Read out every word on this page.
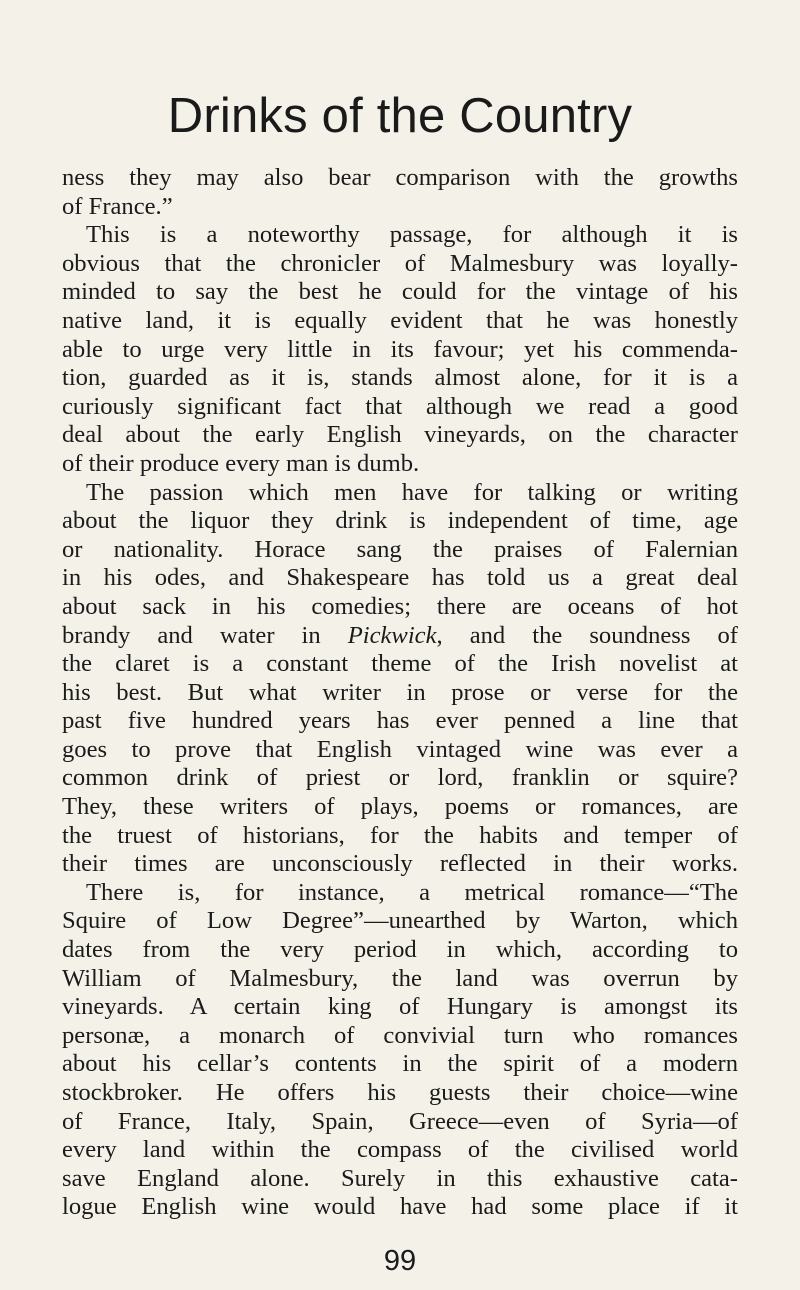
Drinks of the Country
ness they may also bear comparison with the growths
of France.”
This is a noteworthy passage, for although it is
obvious that the chronicler of Malmesbury was loyally-
minded to say the best he could for the vintage of his
native land, it is equally evident that he was honestly
able to urge very little in its favour; yet his commenda-
tion, guarded as it is, stands almost alone, for it is a
curiously significant fact that although we read a good
deal about the early English vineyards, on the character
of their produce every man is dumb.
The passion which men have for talking or writing
about the liquor they drink is independent of time, age
or nationality. Horace sang the praises of Falernian
in his odes, and Shakespeare has told us a great deal
about sack in his comedies; there are oceans of hot
brandy and water in Pickwick, and the soundness of
the claret is a constant theme of the Irish novelist at
his best. But what writer in prose or verse for the
past five hundred years has ever penned a line that
goes to prove that English vintaged wine was ever a
common drink of priest or lord, franklin or squire?
They, these writers of plays, poems or romances, are
the truest of historians, for the habits and temper of
their times are unconsciously reflected in their works.
There is, for instance, a metrical romance—“The
Squire of Low Degree”—unearthed by Warton, which
dates from the very period in which, according to
William of Malmesbury, the land was overrun by
vineyards. A certain king of Hungary is amongst its
personæ, a monarch of convivial turn who romances
about his cellar’s contents in the spirit of a modern
stockbroker. He offers his guests their choice—wine
of France, Italy, Spain, Greece—even of Syria—of
every land within the compass of the civilised world
save England alone. Surely in this exhaustive cata-
logue English wine would have had some place if it
99
